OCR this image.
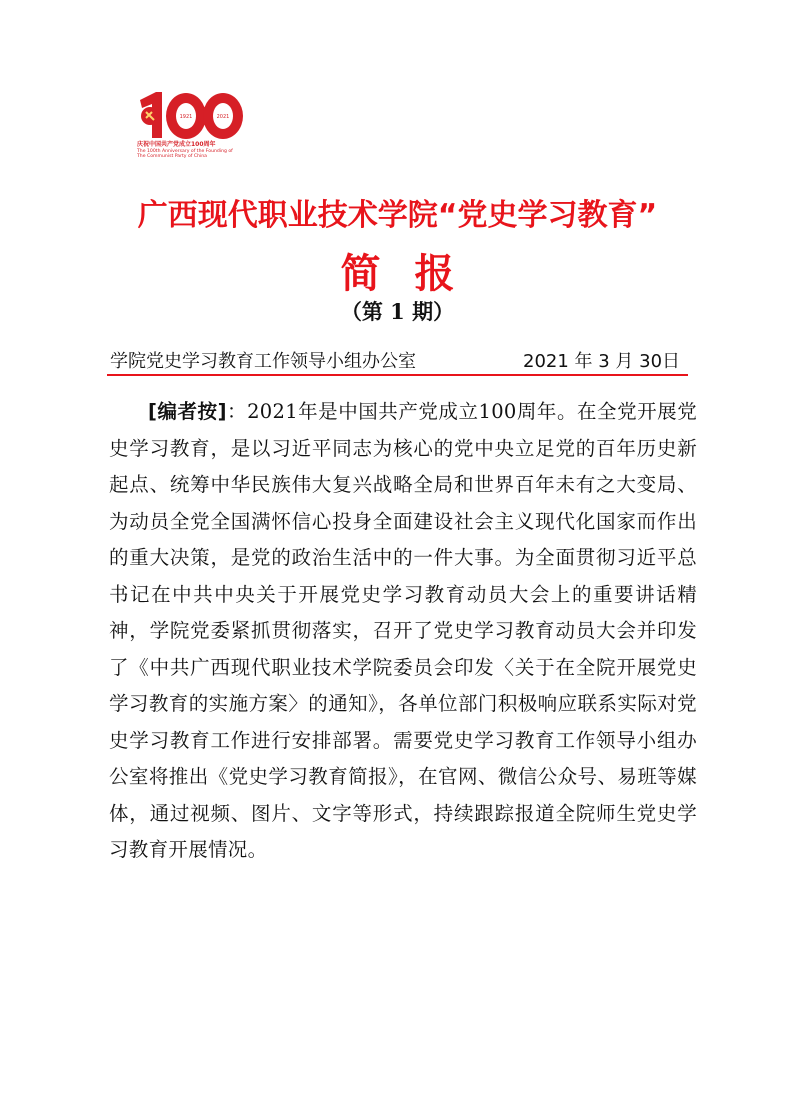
1921	2021
庆祝中国共产党成立100周年
The 100th Anniversary of the Founding of
The Communist Party of China
广西现代职业技术学院“党史学习教育”
简 报
（第 1 期）
学院党史学习教育工作领导小组办公室	2021 年 3 月 30日

[编者按]：2021年是中国共产党成立100周年。在全党开展党史学习教育，是以习近平同志为核心的党中央立足党的百年历史新起点、统筹中华民族伟大复兴战略全局和世界百年未有之大变局、为动员全党全国满怀信心投身全面建设社会主义现代化国家而作出的重大决策，是党的政治生活中的一件大事。为全面贯彻习近平总书记在中共中央关于开展党史学习教育动员大会上的重要讲话精神，学院党委紧抓贯彻落实，召开了党史学习教育动员大会并印发了《中共广西现代职业技术学院委员会印发〈关于在全院开展党史学习教育的实施方案〉的通知》，各单位部门积极响应联系实际对党史学习教育工作进行安排部署。需要党史学习教育工作领导小组办公室将推出《党史学习教育简报》，在官网、微信公众号、易班等媒体，通过视频、图片、文字等形式，持续跟踪报道全院师生党史学习教育开展情况。
